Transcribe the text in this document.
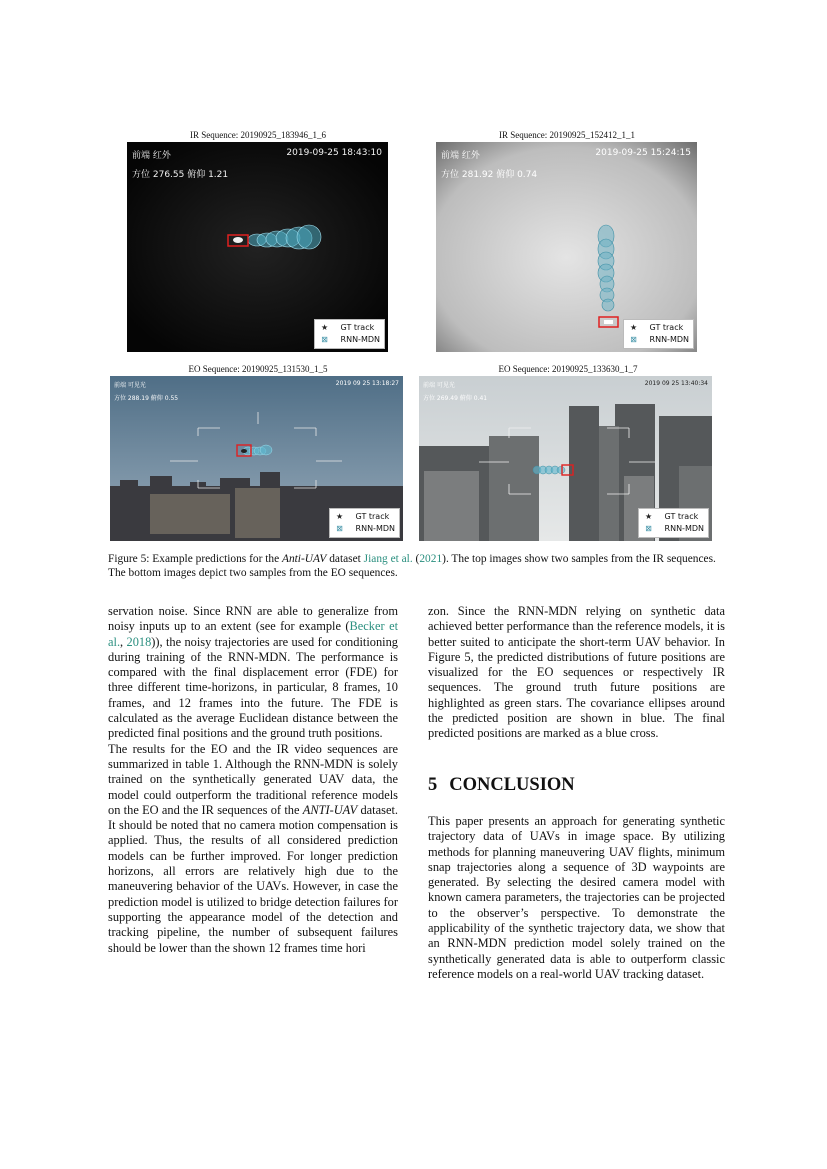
IR Sequence: 20190925_183946_1_6
前端 红外	2019-09-25 18:43:10
方位 276.55 俯仰 1.21
★	GT track
⊠	RNN-MDN
IR Sequence: 20190925_152412_1_1
前端 红外	2019-09-25 15:24:15
方位 281.92 俯仰 0.74
★	GT track
⊠	RNN-MDN
EO Sequence: 20190925_131530_1_5
前端 可见光	2019 09 25 13:18:27
方位 288.19 俯仰 0.55
★	GT track
⊠	RNN-MDN
EO Sequence: 20190925_133630_1_7
前端 可见光	2019 09 25 13:40:34
方位 269.49 俯仰 0.41
★	GT track
⊠	RNN-MDN
Figure 5: Example predictions for the Anti-UAV dataset Jiang et al. (2021). The top images show two samples from the IR sequences. The bottom images depict two samples from the EO sequences.

servation noise. Since RNN are able to generalize from noisy inputs up to an extent (see for example (Becker et al., 2018)), the noisy trajectories are used for conditioning during training of the RNN-MDN. The performance is compared with the final displacement error (FDE) for three different time-horizons, in particular, 8 frames, 10 frames, and 12 frames into the future. The FDE is calculated as the average Euclidean distance between the predicted final positions and the ground truth positions.

The results for the EO and the IR video sequences are summarized in table 1. Although the RNN-MDN is solely trained on the synthetically generated UAV data, the model could outperform the traditional reference models on the EO and the IR sequences of the ANTI-UAV dataset. It should be noted that no camera motion compensation is applied. Thus, the results of all considered prediction models can be further improved. For longer prediction horizons, all errors are relatively high due to the maneuvering behavior of the UAVs. However, in case the prediction model is utilized to bridge detection failures for supporting the appearance model of the detection and tracking pipeline, the number of subsequent failures should be lower than the shown 12 frames time hori

zon. Since the RNN-MDN relying on synthetic data achieved better performance than the reference models, it is better suited to anticipate the short-term UAV behavior. In Figure 5, the predicted distributions of future positions are visualized for the EO sequences or respectively IR sequences. The ground truth future positions are highlighted as green stars. The covariance ellipses around the predicted position are shown in blue. The final predicted positions are marked as a blue cross.

5 CONCLUSION

This paper presents an approach for generating synthetic trajectory data of UAVs in image space. By utilizing methods for planning maneuvering UAV flights, minimum snap trajectories along a sequence of 3D waypoints are generated. By selecting the desired camera model with known camera parameters, the trajectories can be projected to the observer’s perspective. To demonstrate the applicability of the synthetic trajectory data, we show that an RNN-MDN prediction model solely trained on the synthetically generated data is able to outperform classic reference models on a real-world UAV tracking dataset.
